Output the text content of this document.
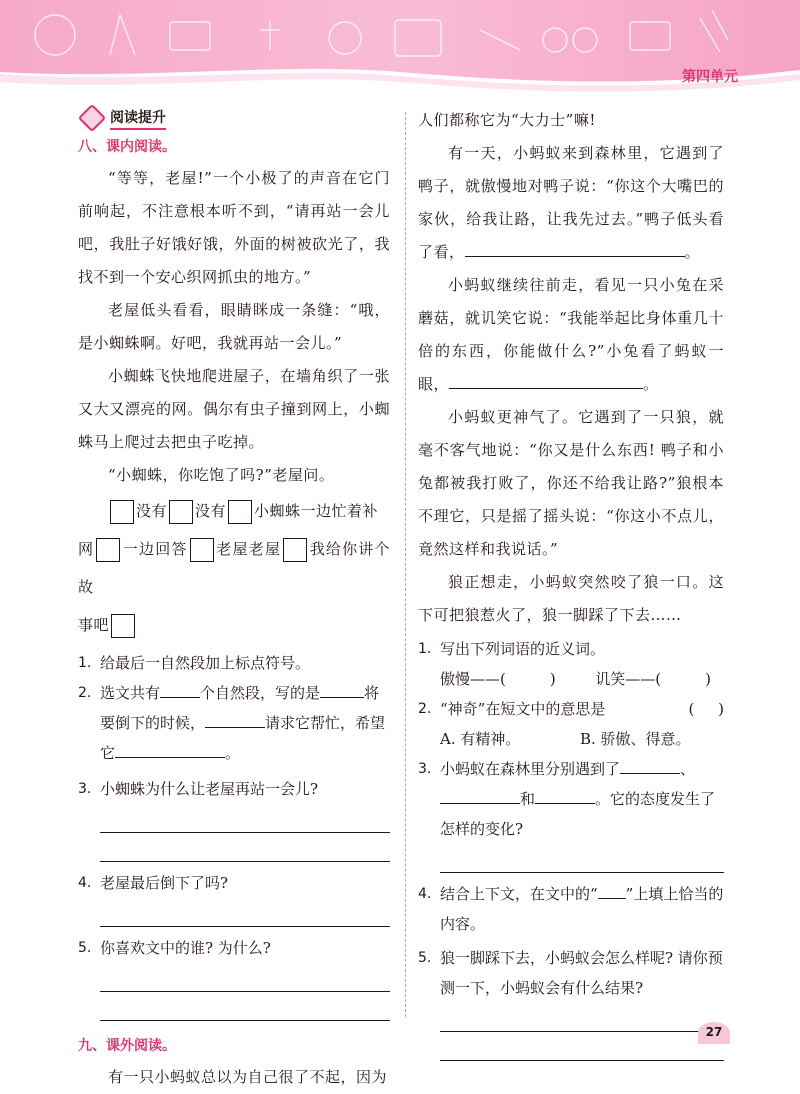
第四单元
阅读提升

八、课内阅读。

“等等，老屋!”一个小极了的声音在它门前响起，不注意根本听不到，“请再站一会儿吧，我肚子好饿好饿，外面的树被砍光了，我找不到一个安心织网抓虫的地方。”

老屋低头看看，眼睛眯成一条缝：“哦，是小蜘蛛啊。好吧，我就再站一会儿。”

小蜘蛛飞快地爬进屋子，在墙角织了一张又大又漂亮的网。偶尔有虫子撞到网上，小蜘蛛马上爬过去把虫子吃掉。

“小蜘蛛，你吃饱了吗?”老屋问。

没有 没有 小蜘蛛一边忙着补

网 一边回答 老屋老屋 我给你讲个故

事吧

1. 给最后一自然段加上标点符号。
2. 选文共有	个自然段，写的是	将要倒下的时候，	请求它帮忙，希望它	。
3. 小蜘蛛为什么让老屋再站一会儿?
4. 老屋最后倒下了吗?
5. 你喜欢文中的谁? 为什么?

九、课外阅读。

有一只小蚂蚁总以为自己很了不起，因为

人们都称它为“大力士”嘛!

有一天，小蚂蚁来到森林里，它遇到了鸭子，就傲慢地对鸭子说：“你这个大嘴巴的家伙，给我让路，让我先过去。”鸭子低头看了看，	。

小蚂蚁继续往前走，看见一只小兔在采蘑菇，就讥笑它说：“我能举起比身体重几十倍的东西，你能做什么?”小兔看了蚂蚁一眼，	。

小蚂蚁更神气了。它遇到了一只狼，就毫不客气地说：“你又是什么东西! 鸭子和小兔都被我打败了，你还不给我让路?”狼根本不理它，只是摇了摇头说：“你这小不点儿，竟然这样和我说话。”

狼正想走，小蚂蚁突然咬了狼一口。这下可把狼惹火了，狼一脚踩了下去……

1. 写出下列词语的近义词。
傲慢——(	)	讥笑——(	)
2. “神奇”在短文中的意思是	(     )
A. 有精神。	B. 骄傲、得意。
3. 小蚂蚁在森林里分别遇到了	、和	。它的态度发生了怎样的变化?
4. 结合上下文，在文中的“ ”上填上恰当的内容。
5. 狼一脚踩下去，小蚂蚁会怎么样呢? 请你预测一下，小蚂蚁会有什么结果?
27
